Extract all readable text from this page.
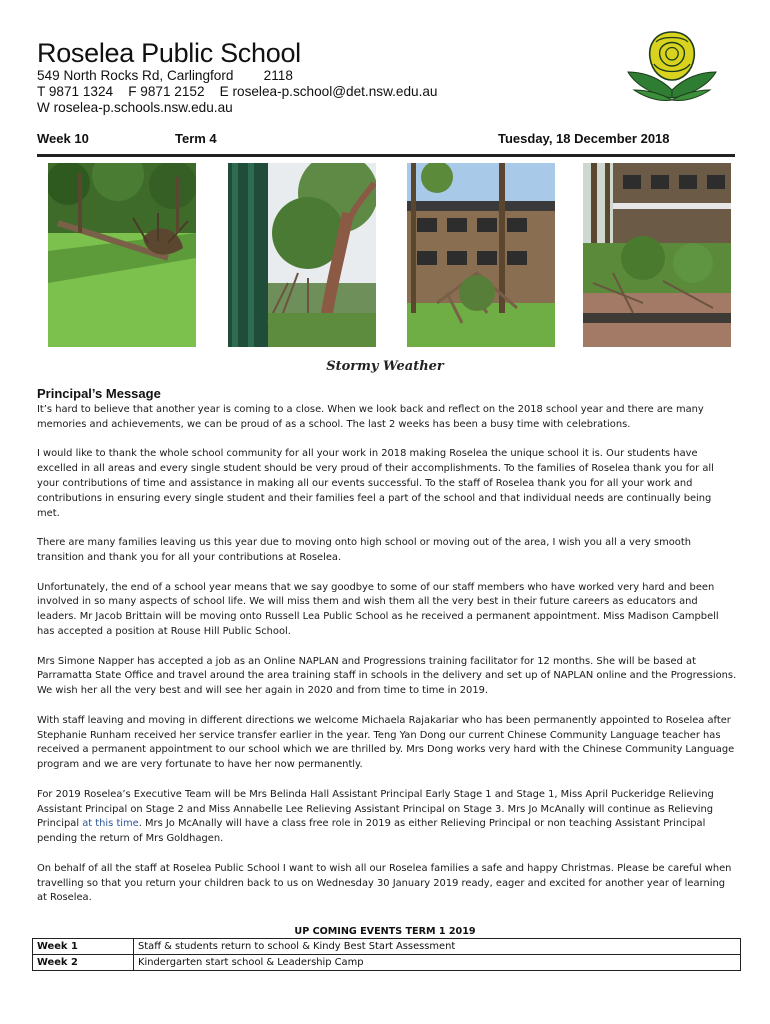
Roselea Public School
549 North Rocks Rd, Carlingford        2118
T 9871 1324    F 9871 2152    E roselea-p.school@det.nsw.edu.au
W roselea-p.schools.nsw.edu.au
Week 10	Term 4	Tuesday, 18 December 2018
Stormy Weather
Principal’s Message

It’s hard to believe that another year is coming to a close. When we look back and reflect on the 2018 school year and there are many memories and achievements, we can be proud of as a school. The last 2 weeks has been a busy time with celebrations.

I would like to thank the whole school community for all your work in 2018 making Roselea the unique school it is. Our students have excelled in all areas and every single student should be very proud of their accomplishments. To the families of Roselea thank you for all your contributions of time and assistance in making all our events successful. To the staff of Roselea thank you for all your work and contributions in ensuring every single student and their families feel a part of the school and that individual needs are continually being met.

There are many families leaving us this year due to moving onto high school or moving out of the area, I wish you all a very smooth transition and thank you for all your contributions at Roselea.

Unfortunately, the end of a school year means that we say goodbye to some of our staff members who have worked very hard and been involved in so many aspects of school life. We will miss them and wish them all the very best in their future careers as educators and leaders. Mr Jacob Brittain will be moving onto Russell Lea Public School as he received a permanent appointment. Miss Madison Campbell has accepted a position at Rouse Hill Public School.

Mrs Simone Napper has accepted a job as an Online NAPLAN and Progressions training facilitator for 12 months. She will be based at Parramatta State Office and travel around the area training staff in schools in the delivery and set up of NAPLAN online and the Progressions. We wish her all the very best and will see her again in 2020 and from time to time in 2019.

With staff leaving and moving in different directions we welcome Michaela Rajakariar who has been permanently appointed to Roselea after Stephanie Runham received her service transfer earlier in the year. Teng Yan Dong our current Chinese Community Language teacher has received a permanent appointment to our school which we are thrilled by. Mrs Dong works very hard with the Chinese Community Language program and we are very fortunate to have her now permanently.

For 2019 Roselea’s Executive Team will be Mrs Belinda Hall Assistant Principal Early Stage 1 and Stage 1, Miss April Puckeridge Relieving Assistant Principal on Stage 2 and Miss Annabelle Lee Relieving Assistant Principal on Stage 3. Mrs Jo McAnally will continue as Relieving Principal at this time. Mrs Jo McAnally will have a class free role in 2019 as either Relieving Principal or non teaching Assistant Principal pending the return of Mrs Goldhagen.

On behalf of all the staff at Roselea Public School I want to wish all our Roselea families a safe and happy Christmas. Please be careful when travelling so that you return your children back to us on Wednesday 30 January 2019 ready, eager and excited for another year of learning at Roselea.

UP COMING EVENTS TERM 1 2019
Week 1	Staff & students return to school & Kindy Best Start Assessment
Week 2	Kindergarten start school & Leadership Camp
